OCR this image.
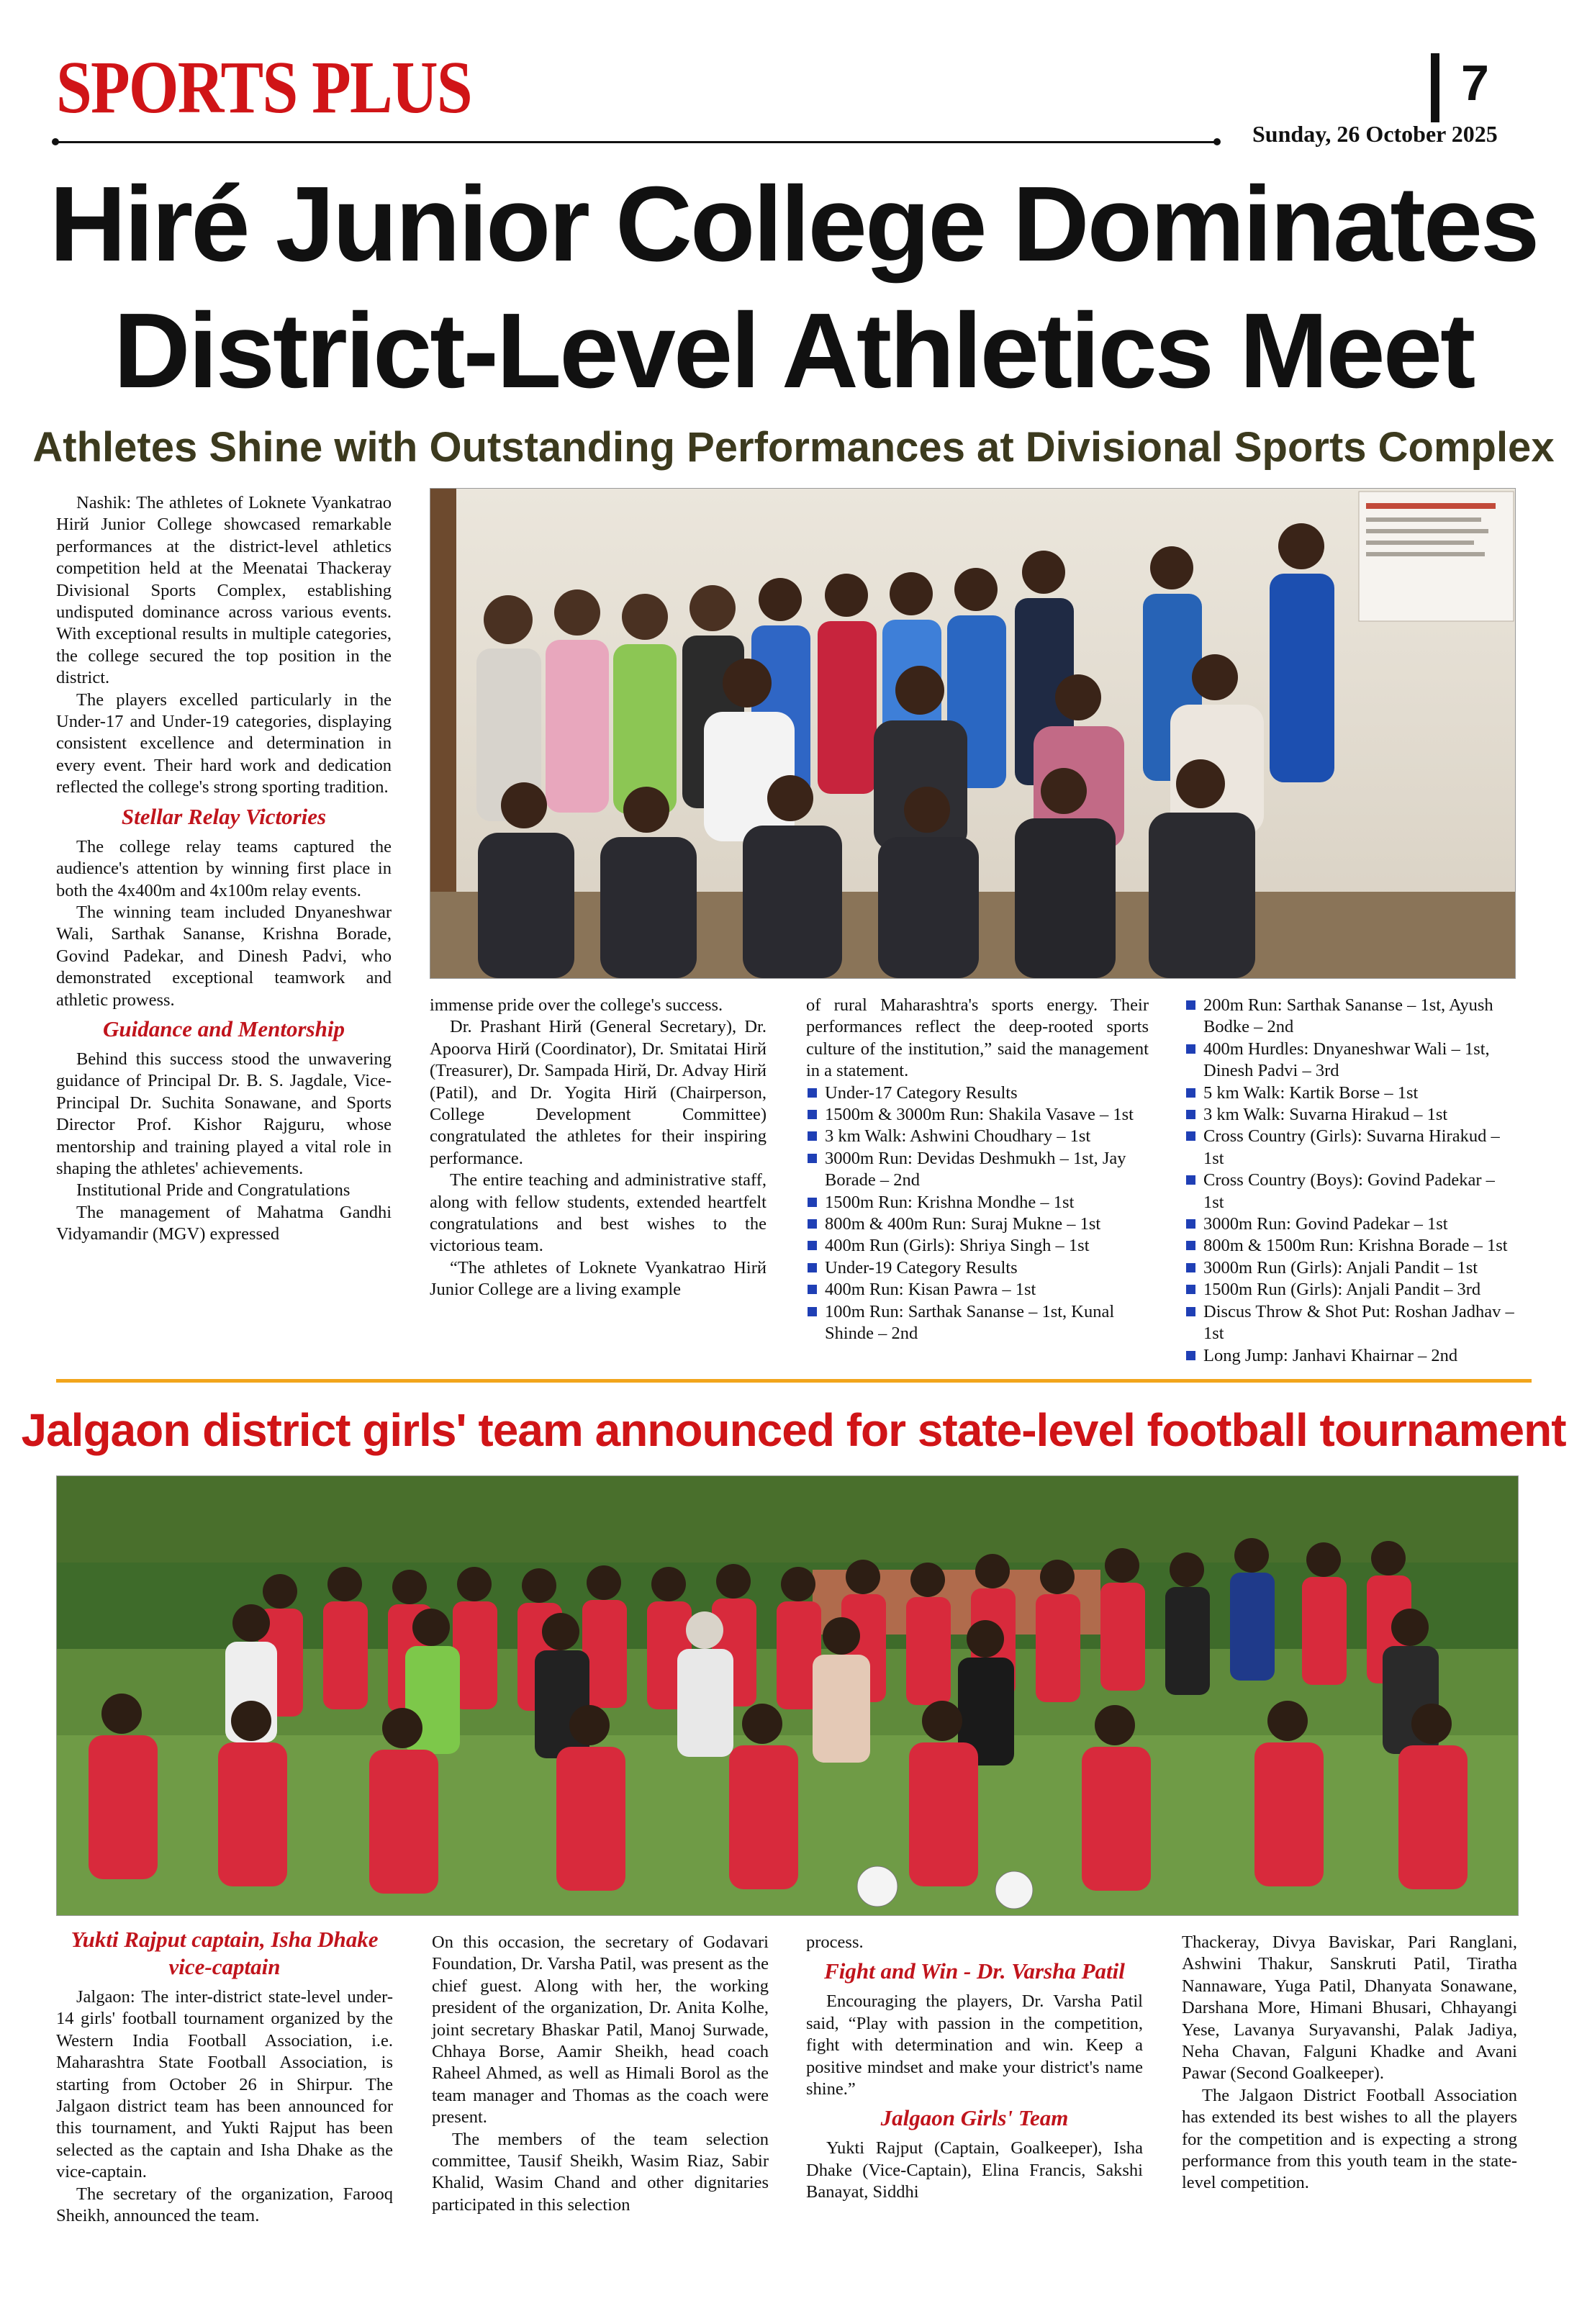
SPORTS PLUS	7
Sunday, 26 October 2025
Hiré Junior College Dominates
District-Level Athletics Meet
Athletes Shine with Outstanding Performances at Divisional Sports Complex

Nashik: The athletes of Loknete Vyankatrao Hirй Junior College showcased remarkable performances at the district-level athletics competition held at the Meenatai Thackeray Divisional Sports Complex, establishing undisputed dominance across various events. With exceptional results in multiple categories, the college secured the top position in the district.

The players excelled particularly in the Under-17 and Under-19 categories, displaying consistent excellence and determination in every event. Their hard work and dedication reflected the college's strong sporting tradition.

Stellar Relay Victories

The college relay teams captured the audience's attention by winning first place in both the 4x400m and 4x100m relay events.

The winning team included Dnyaneshwar Wali, Sarthak Sananse, Krishna Borade, Govind Padekar, and Dinesh Padvi, who demonstrated exceptional teamwork and athletic prowess.

Guidance and Mentorship

Behind this success stood the unwavering guidance of Principal Dr. B. S. Jagdale, Vice-Principal Dr. Suchita Sonawane, and Sports Director Prof. Kishor Rajguru, whose mentorship and training played a vital role in shaping the athletes' achievements.

Institutional Pride and Congratulations

The management of Mahatma Gandhi Vidyamandir (MGV) expressed

immense pride over the college's success.

Dr. Prashant Hirй (General Secretary), Dr. Apoorva Hirй (Coordinator), Dr. Smitatai Hirй (Treasurer), Dr. Sampada Hirй, Dr. Advay Hirй (Patil), and Dr. Yogita Hirй (Chairperson, College Development Committee) congratulated the athletes for their inspiring performance.

The entire teaching and administrative staff, along with fellow students, extended heartfelt congratulations and best wishes to the victorious team.

“The athletes of Loknete Vyankatrao Hirй Junior College are a living example

of rural Maharashtra's sports energy. Their performances reflect the deep-rooted sports culture of the institution,” said the management in a statement.

Under-17 Category Results
1500m & 3000m Run: Shakila Vasave – 1st
3 km Walk: Ashwini Choudhary – 1st
3000m Run: Devidas Deshmukh – 1st, Jay Borade – 2nd
1500m Run: Krishna Mondhe – 1st
800m & 400m Run: Suraj Mukne – 1st
400m Run (Girls): Shriya Singh – 1st
Under-19 Category Results
400m Run: Kisan Pawra – 1st
100m Run: Sarthak Sananse – 1st, Kunal Shinde – 2nd
200m Run: Sarthak Sananse – 1st, Ayush Bodke – 2nd
400m Hurdles: Dnyaneshwar Wali – 1st, Dinesh Padvi – 3rd
5 km Walk: Kartik Borse – 1st
3 km Walk: Suvarna Hirakud – 1st
Cross Country (Girls): Suvarna Hirakud – 1st
Cross Country (Boys): Govind Padekar – 1st
3000m Run: Govind Padekar – 1st
800m & 1500m Run: Krishna Borade – 1st
3000m Run (Girls): Anjali Pandit – 1st
1500m Run (Girls): Anjali Pandit – 3rd
Discus Throw & Shot Put: Roshan Jadhav – 1st
Long Jump: Janhavi Khairnar – 2nd
Jalgaon district girls' team announced for state-level football tournament

Yukti Rajput captain, Isha Dhake vice-captain

Jalgaon: The inter-district state-level under-14 girls' football tournament organized by the Western India Football Association, i.e. Maharashtra State Football Association, is starting from October 26 in Shirpur. The Jalgaon district team has been announced for this tournament, and Yukti Rajput has been selected as the captain and Isha Dhake as the vice-captain.

The secretary of the organization, Farooq Sheikh, announced the team.

On this occasion, the secretary of Godavari Foundation, Dr. Varsha Patil, was present as the chief guest. Along with her, the working president of the organization, Dr. Anita Kolhe, joint secretary Bhaskar Patil, Manoj Surwade, Chhaya Borse, Aamir Sheikh, head coach Raheel Ahmed, as well as Himali Borol as the team manager and Thomas as the coach were present.

The members of the team selection committee, Tausif Sheikh, Wasim Riaz, Sabir Khalid, Wasim Chand and other dignitaries participated in this selection

process.

Fight and Win - Dr. Varsha Patil

Encouraging the players, Dr. Varsha Patil said, “Play with passion in the competition, fight with determination and win. Keep a positive mindset and make your district's name shine.”

Jalgaon Girls' Team

Yukti Rajput (Captain, Goalkeeper), Isha Dhake (Vice-Captain), Elina Francis, Sakshi Banayat, Siddhi

Thackeray, Divya Baviskar, Pari Ranglani, Ashwini Thakur, Sanskruti Patil, Tiratha Nannaware, Yuga Patil, Dhanyata Sonawane, Darshana More, Himani Bhusari, Chhayangi Yese, Lavanya Suryavanshi, Palak Jadiya, Neha Chavan, Falguni Khadke and Avani Pawar (Second Goalkeeper).

The Jalgaon District Football Association has extended its best wishes to all the players for the competition and is expecting a strong performance from this youth team in the state-level competition.
